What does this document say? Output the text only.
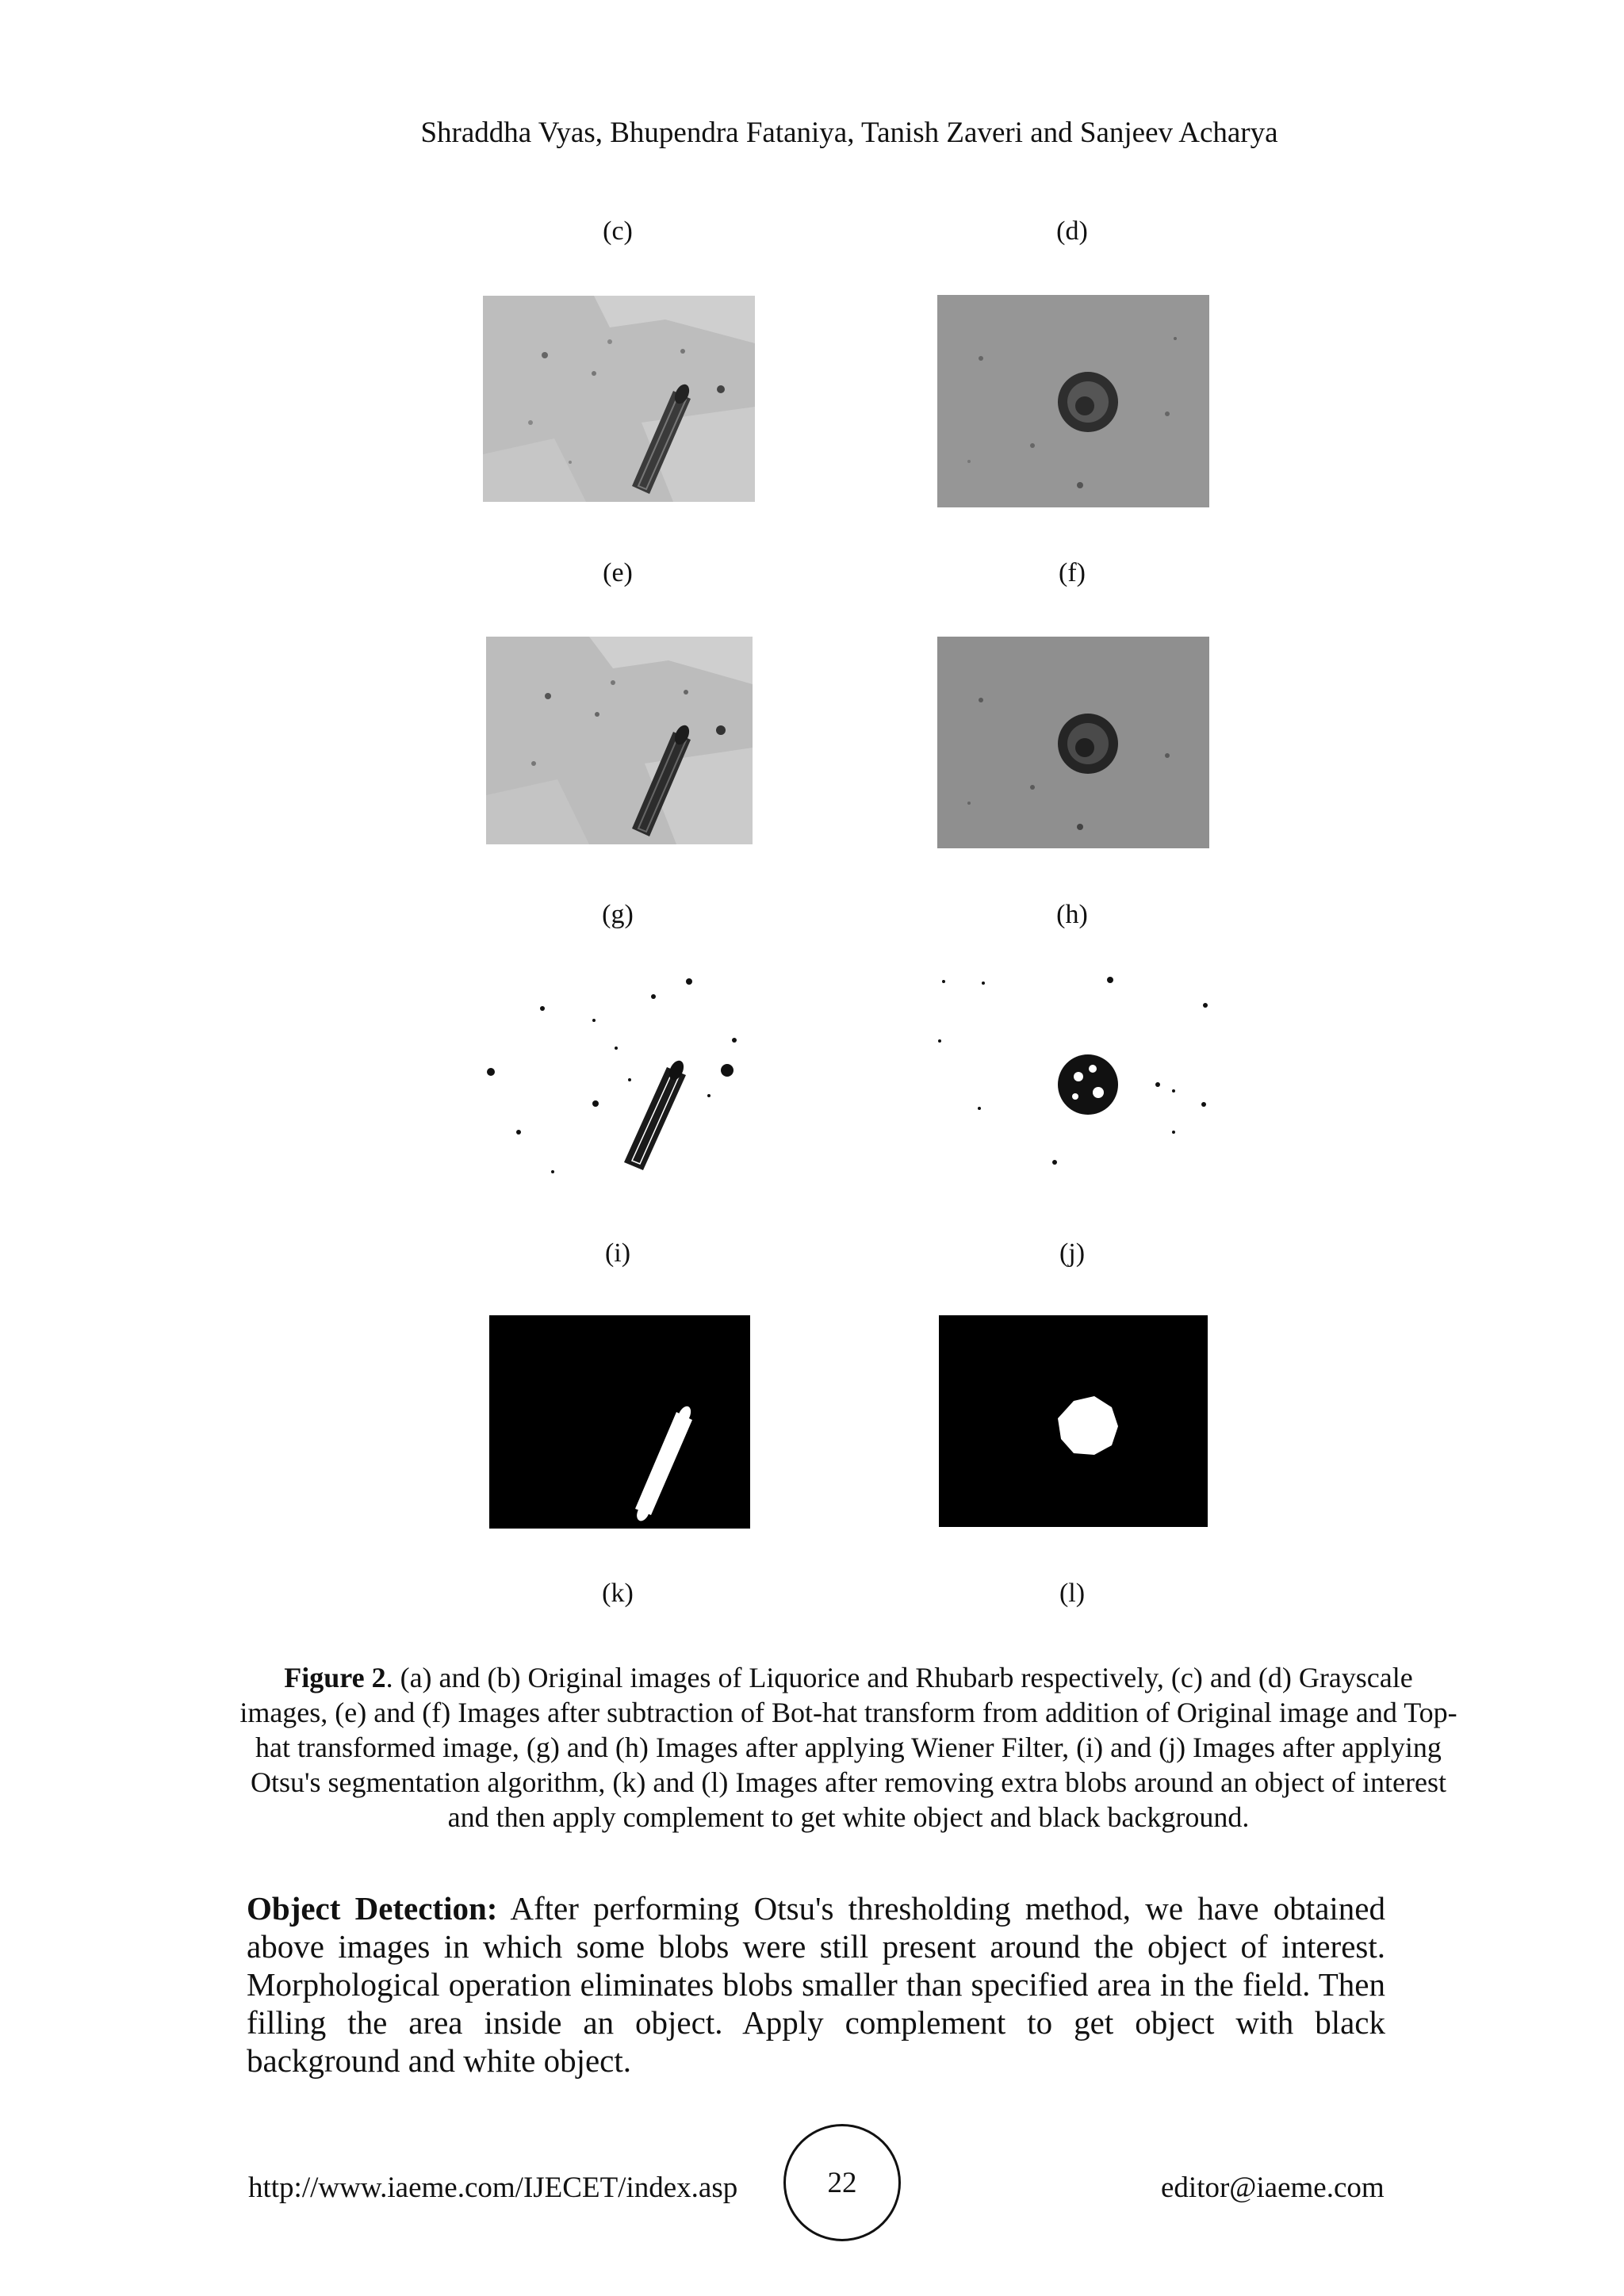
Shraddha Vyas, Bhupendra Fataniya, Tanish Zaveri and Sanjeev Acharya
(c)	(d)
(e)	(f)
(g)	(h)
(i)	(j)
(k)	(l)
Figure 2. (a) and (b) Original images of Liquorice and Rhubarb respectively, (c) and (d) Grayscale images, (e) and (f) Images after subtraction of Bot-hat transform from addition of Original image and Top-hat transformed image, (g) and (h) Images after applying Wiener Filter, (i) and (j) Images after applying Otsu's segmentation algorithm, (k) and (l) Images after removing extra blobs around an object of interest and then apply complement to get white object and black background.
Object Detection: After performing Otsu's thresholding method, we have obtained above images in which some blobs were still present around the object of interest. Morphological operation eliminates blobs smaller than specified area in the field. Then filling the area inside an object. Apply complement to get object with black background and white object.
http://www.iaeme.com/IJECET/index.asp	22	editor@iaeme.com
